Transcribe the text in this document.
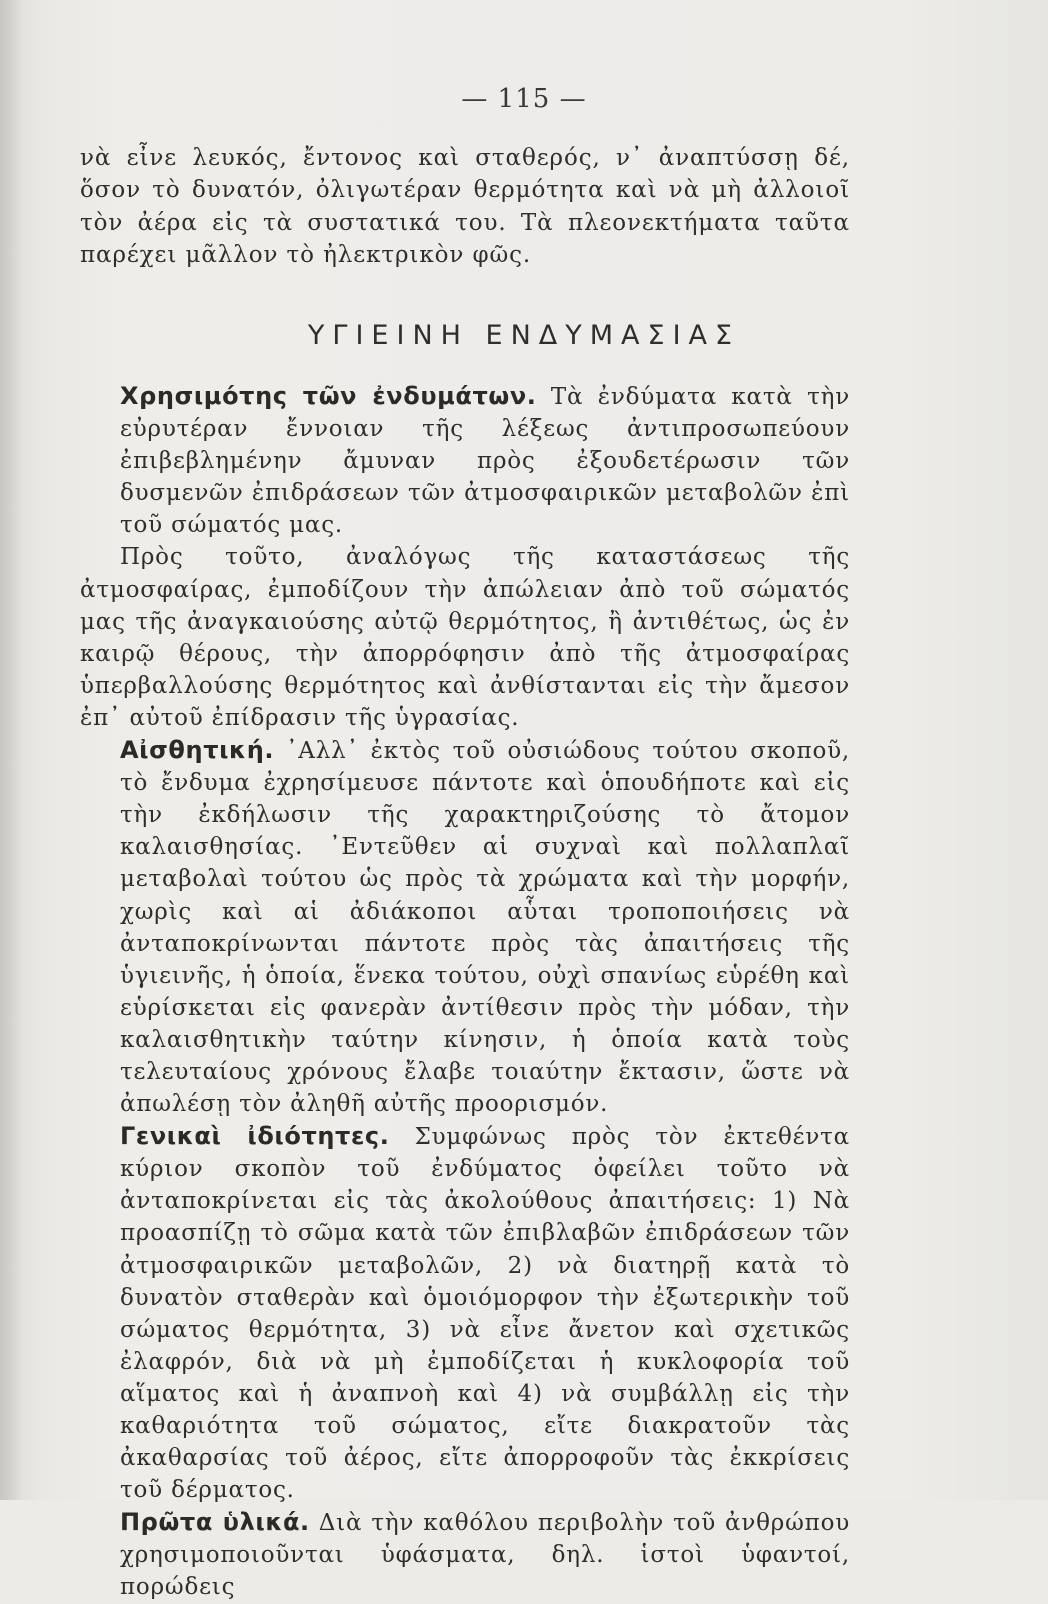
— 115 —

νὰ εἶνε λευκός, ἔντονος καὶ σταθερός, ν᾿ ἀναπτύσσῃ δέ, ὅσον τὸ δυνατόν, ὀλιγωτέραν θερμότητα καὶ νὰ μὴ ἀλλοιοῖ τὸν ἀέρα εἰς τὰ συστατικά του. Τὰ πλεονεκτήματα ταῦτα παρέχει μᾶλλον τὸ ἠλεκτρικὸν φῶς.

ΥΓΙΕΙΝΗ ΕΝΔΥΜΑΣΙΑΣ

Χρησιμότης τῶν ἐνδυμάτων. Τὰ ἐνδύματα κατὰ τὴν εὐρυτέραν ἔννοιαν τῆς λέξεως ἀντιπροσωπεύουν ἐπιβεβλημένην ἄμυναν πρὸς ἐξουδετέρωσιν τῶν δυσμενῶν ἐπιδράσεων τῶν ἀτμοσφαιρικῶν μεταβολῶν ἐπὶ τοῦ σώματός μας.

Πρὸς τοῦτο, ἀναλόγως τῆς καταστάσεως τῆς ἀτμοσφαίρας, ἐμποδίζουν τὴν ἀπώλειαν ἀπὸ τοῦ σώματός μας τῆς ἀναγκαιούσης αὐτῷ θερμότητος, ἢ ἀντιθέτως, ὡς ἐν καιρῷ θέρους, τὴν ἀπορρόφησιν ἀπὸ τῆς ἀτμοσφαίρας ὑπερβαλλούσης θερμότητος καὶ ἀνθίστανται εἰς τὴν ἄμεσον ἐπ᾿ αὐτοῦ ἐπίδρασιν τῆς ὑγρασίας.

Αἰσθητική. ᾿Αλλ᾿ ἐκτὸς τοῦ οὐσιώδους τούτου σκοποῦ, τὸ ἔνδυμα ἐχρησίμευσε πάντοτε καὶ ὁπουδήποτε καὶ εἰς τὴν ἐκδήλωσιν τῆς χαρακτηριζούσης τὸ ἄτομον καλαισθησίας. ᾿Εντεῦθεν αἱ συχναὶ καὶ πολλαπλαῖ μεταβολαὶ τούτου ὡς πρὸς τὰ χρώματα καὶ τὴν μορφήν, χωρὶς καὶ αἱ ἀδιάκοποι αὗται τροποποιήσεις νὰ ἀνταποκρίνωνται πάντοτε πρὸς τὰς ἀπαιτήσεις τῆς ὑγιεινῆς, ἡ ὁποία, ἕνεκα τούτου, οὐχὶ σπανίως εὑρέθη καὶ εὑρίσκεται εἰς φανερὰν ἀντίθεσιν πρὸς τὴν μόδαν, τὴν καλαισθητικὴν ταύτην κίνησιν, ἡ ὁποία κατὰ τοὺς τελευταίους χρόνους ἔλαβε τοιαύτην ἔκτασιν, ὥστε νὰ ἀπωλέσῃ τὸν ἀληθῆ αὐτῆς προορισμόν.

Γενικαὶ ἰδιότητες. Συμφώνως πρὸς τὸν ἐκτεθέντα κύριον σκοπὸν τοῦ ἐνδύματος ὀφείλει τοῦτο νὰ ἀνταποκρίνεται εἰς τὰς ἀκολούθους ἀπαιτήσεις: 1) Νὰ προασπίζῃ τὸ σῶμα κατὰ τῶν ἐπιβλαβῶν ἐπιδράσεων τῶν ἀτμοσφαιρικῶν μεταβολῶν, 2) νὰ διατηρῇ κατὰ τὸ δυνατὸν σταθερὰν καὶ ὁμοιόμορφον τὴν ἐξωτερικὴν τοῦ σώματος θερμότητα, 3) νὰ εἶνε ἄνετον καὶ σχετικῶς ἐλαφρόν, διὰ νὰ μὴ ἐμποδίζεται ἡ κυκλοφορία τοῦ αἵματος καὶ ἡ ἀναπνοὴ καὶ 4) νὰ συμβάλλῃ εἰς τὴν καθαριότητα τοῦ σώματος, εἴτε διακρατοῦν τὰς ἀκαθαρσίας τοῦ ἀέρος, εἴτε ἀπορροφοῦν τὰς ἐκκρίσεις τοῦ δέρματος.

Πρῶτα ὑλικά. Διὰ τὴν καθόλου περιβολὴν τοῦ ἀνθρώπου χρησιμοποιοῦνται ὑφάσματα, δηλ. ἱστοὶ ὑφαντοί, πορώδεις
